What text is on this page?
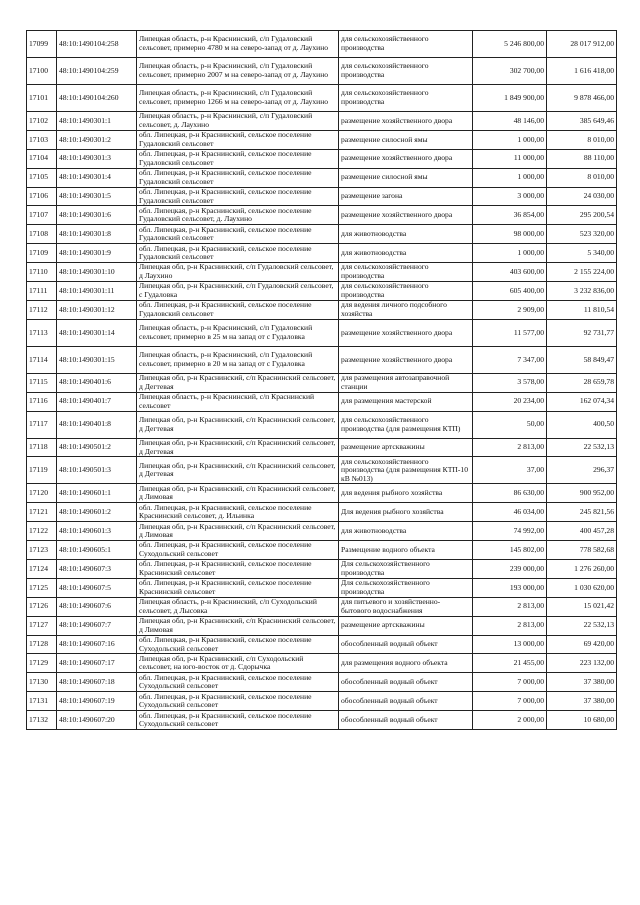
17099	48:10:1490104:258	Липецкая область, р-н Краснинский, с/п Гудаловский сельсовет, примерно 4780 м на северо-запад от д. Лаухино	для сельскохозяйственного производства	5 246 800,00	28 017 912,00
17100	48:10:1490104:259	Липецкая область, р-н Краснинский, с/п Гудаловский сельсовет, примерно 2007 м на северо-запад от д. Лаухино	для сельскохозяйственного производства	302 700,00	1 616 418,00
17101	48:10:1490104:260	Липецкая область, р-н Краснинский, с/п Гудаловский сельсовет, примерно 1266 м на северо-запад от д. Лаухино	для сельскохозяйственного производства	1 849 900,00	9 878 466,00
17102	48:10:1490301:1	Липецкая область, р-н Краснинский, с/п Гудаловский сельсовет, д. Лаухино	размещение хозяйственного двора	48 146,00	385 649,46
17103	48:10:1490301:2	обл. Липецкая, р-н Краснинский, сельское поселение Гудаловский сельсовет	размещение силосной ямы	1 000,00	8 010,00
17104	48:10:1490301:3	обл. Липецкая, р-н Краснинский, сельское поселение Гудаловский сельсовет	размещение хозяйственного двора	11 000,00	88 110,00
17105	48:10:1490301:4	обл. Липецкая, р-н Краснинский, сельское поселение Гудаловский сельсовет	размещение силосной ямы	1 000,00	8 010,00
17106	48:10:1490301:5	обл. Липецкая, р-н Краснинский, сельское поселение Гудаловский сельсовет	размещение загона	3 000,00	24 030,00
17107	48:10:1490301:6	обл. Липецкая, р-н Краснинский, сельское поселение Гудаловский сельсовет, д. Лаухино	размещение хозяйственного двора	36 854,00	295 200,54
17108	48:10:1490301:8	обл. Липецкая, р-н Краснинский, сельское поселение Гудаловский сельсовет	для животноводства	98 000,00	523 320,00
17109	48:10:1490301:9	обл. Липецкая, р-н Краснинский, сельское поселение Гудаловский сельсовет	для животноводства	1 000,00	5 340,00
17110	48:10:1490301:10	Липецкая обл, р-н Краснинский, с/п Гудаловский сельсовет, д Лаухино	для сельскохозяйственного производства	403 600,00	2 155 224,00
17111	48:10:1490301:11	Липецкая обл, р-н Краснинский, с/п Гудаловский сельсовет, с Гудаловка	для сельскохозяйственного производства	605 400,00	3 232 836,00
17112	48:10:1490301:12	обл. Липецкая, р-н Краснинский, сельское поселение Гудаловский сельсовет	для ведения личного подсобного хозяйства	2 909,00	11 810,54
17113	48:10:1490301:14	Липецкая область, р-н Краснинский, с/п Гудаловский сельсовет, примерно в 25 м на запад от с Гудаловка	размещение хозяйственного двора	11 577,00	92 731,77
17114	48:10:1490301:15	Липецкая область, р-н Краснинский, с/п Гудаловский сельсовет, примерно в 20 м на запад от с Гудаловка	размещение хозяйственного двора	7 347,00	58 849,47
17115	48:10:1490401:6	Липецкая обл, р-н Краснинский, с/п Краснинский сельсовет, д Дегтевая	для размещения автозаправочной станции	3 578,00	28 659,78
17116	48:10:1490401:7	Липецкая область, р-н Краснинский, с/п Краснинский сельсовет	для размещения мастерской	20 234,00	162 074,34
17117	48:10:1490401:8	Липецкая обл, р-н Краснинский, с/п Краснинский сельсовет, д Дегтевая	для сельскохозяйственного производства (для размещения КТП)	50,00	400,50
17118	48:10:1490501:2	Липецкая обл, р-н Краснинский, с/п Краснинский сельсовет, д Дегтевая	размещение артскважины	2 813,00	22 532,13
17119	48:10:1490501:3	Липецкая обл, р-н Краснинский, с/п Краснинский сельсовет, д Дегтевая	для сельскохозяйственного производства (для размещения КТП-10 кВ №013)	37,00	296,37
17120	48:10:1490601:1	Липецкая обл, р-н Краснинский, с/п Краснинский сельсовет, д Лимовая	для ведения рыбного хозяйства	86 630,00	900 952,00
17121	48:10:1490601:2	обл. Липецкая, р-н Краснинский, сельское поселение Краснинский сельсовет, д. Ильинка	Для ведения рыбного хозяйства	46 034,00	245 821,56
17122	48:10:1490601:3	Липецкая обл, р-н Краснинский, с/п Краснинский сельсовет, д Лимовая	для животноводства	74 992,00	400 457,28
17123	48:10:1490605:1	обл. Липецкая, р-н Краснинский, сельское поселение Суходольский сельсовет	Размещение водного объекта	145 802,00	778 582,68
17124	48:10:1490607:3	обл. Липецкая, р-н Краснинский, сельское поселение Краснинский сельсовет	Для сельскохозяйственного производства	239 000,00	1 276 260,00
17125	48:10:1490607:5	обл. Липецкая, р-н Краснинский, сельское поселение Краснинский сельсовет	Для сельскохозяйственного производства	193 000,00	1 030 620,00
17126	48:10:1490607:6	Липецкая область, р-н Краснинский, с/п Суходольский сельсовет, д Лысовка	для питьевого и хозяйственно-бытового водоснабжения	2 813,00	15 021,42
17127	48:10:1490607:7	Липецкая обл, р-н Краснинский, с/п Краснинский сельсовет, д Лимовая	размещение артскважины	2 813,00	22 532,13
17128	48:10:1490607:16	обл. Липецкая, р-н Краснинский, сельское поселение Суходольский сельсовет	обособленный водный объект	13 000,00	69 420,00
17129	48:10:1490607:17	Липецкая обл, р-н Краснинский, с/п Суходольский сельсовет, на юго-восток от д. Сдорычка	для размещения водного объекта	21 455,00	223 132,00
17130	48:10:1490607:18	обл. Липецкая, р-н Краснинский, сельское поселение Суходольский сельсовет	обособленный водный объект	7 000,00	37 380,00
17131	48:10:1490607:19	обл. Липецкая, р-н Краснинский, сельское поселение Суходольский сельсовет	обособленный водный объект	7 000,00	37 380,00
17132	48:10:1490607:20	обл. Липецкая, р-н Краснинский, сельское поселение Суходольский сельсовет	обособленный водный объект	2 000,00	10 680,00
